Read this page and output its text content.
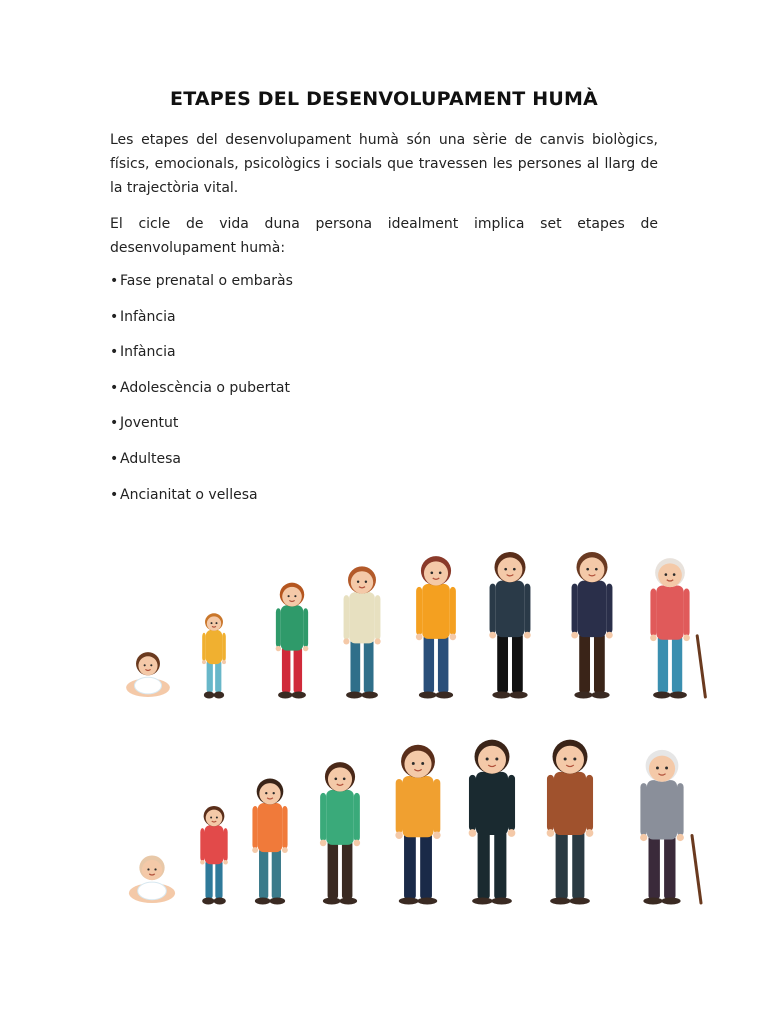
ETAPES DEL DESENVOLUPAMENT HUMÀ

Les etapes del desenvolupament humà són una sèrie de canvis biològics, físics, emocionals, psicològics i socials que travessen les persones al llarg de la trajectòria vital.

El cicle de vida duna persona idealment implica set etapes de desenvolupament humà:

• Fase prenatal o embaràs
• Infància
• Infància
• Adolescència o pubertat
• Joventut
• Adultesa
• Ancianitat o vellesa
